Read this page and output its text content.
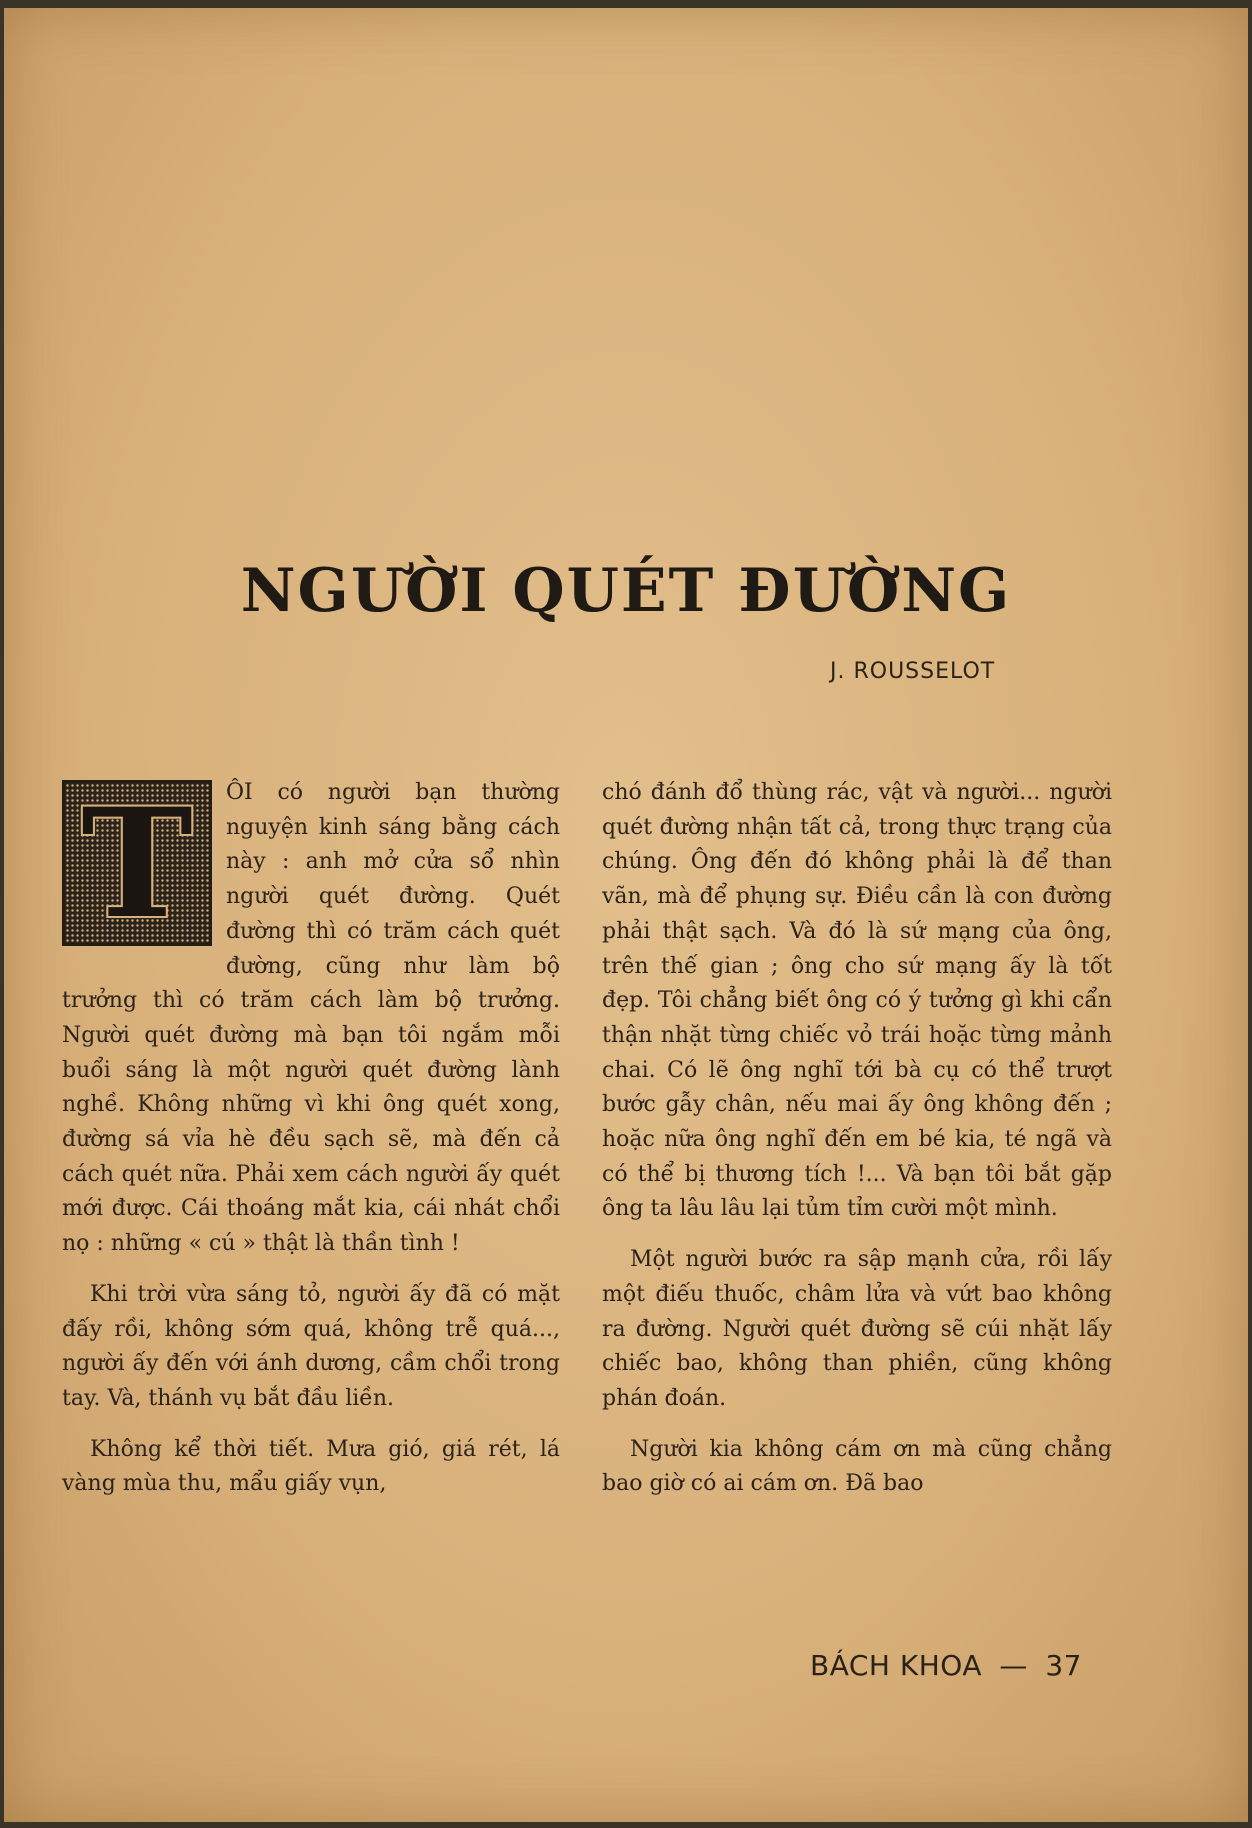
NGƯỜI QUÉT ĐƯỜNG
J. ROUSSELOT
T	ÔI có người bạn thường nguyện kinh sáng bằng cách này : anh mở cửa sổ nhìn người quét đường. Quét đường thì có trăm cách quét đường, cũng như làm bộ trưởng thì có trăm cách làm bộ trưởng. Người quét đường mà bạn tôi ngắm mỗi buổi sáng là một người quét đường lành nghề. Không những vì khi ông quét xong, đường sá vỉa hè đều sạch sẽ, mà đến cả cách quét nữa. Phải xem cách người ấy quét mới được. Cái thoáng mắt kia, cái nhát chổi nọ : những « cú » thật là thần tình !

Khi trời vừa sáng tỏ, người ấy đã có mặt đấy rồi, không sớm quá, không trễ quá..., người ấy đến với ánh dương, cầm chổi trong tay. Và, thánh vụ bắt đầu liền.

Không kể thời tiết. Mưa gió, giá rét, lá vàng mùa thu, mẩu giấy vụn,

chó đánh đổ thùng rác, vật và người... người quét đường nhận tất cả, trong thực trạng của chúng. Ông đến đó không phải là để than vãn, mà để phụng sự. Điều cần là con đường phải thật sạch. Và đó là sứ mạng của ông, trên thế gian ; ông cho sứ mạng ấy là tốt đẹp. Tôi chẳng biết ông có ý tưởng gì khi cẩn thận nhặt từng chiếc vỏ trái hoặc từng mảnh chai. Có lẽ ông nghĩ tới bà cụ có thể trượt bước gẫy chân, nếu mai ấy ông không đến ; hoặc nữa ông nghĩ đến em bé kia, té ngã và có thể bị thương tích !... Và bạn tôi bắt gặp ông ta lâu lâu lại tủm tỉm cười một mình.

Một người bước ra sập mạnh cửa, rồi lấy một điếu thuốc, châm lửa và vứt bao không ra đường. Người quét đường sẽ cúi nhặt lấy chiếc bao, không than phiền, cũng không phán đoán.

Người kia không cám ơn mà cũng chẳng bao giờ có ai cám ơn. Đã bao

BÁCH KHOA — 37
